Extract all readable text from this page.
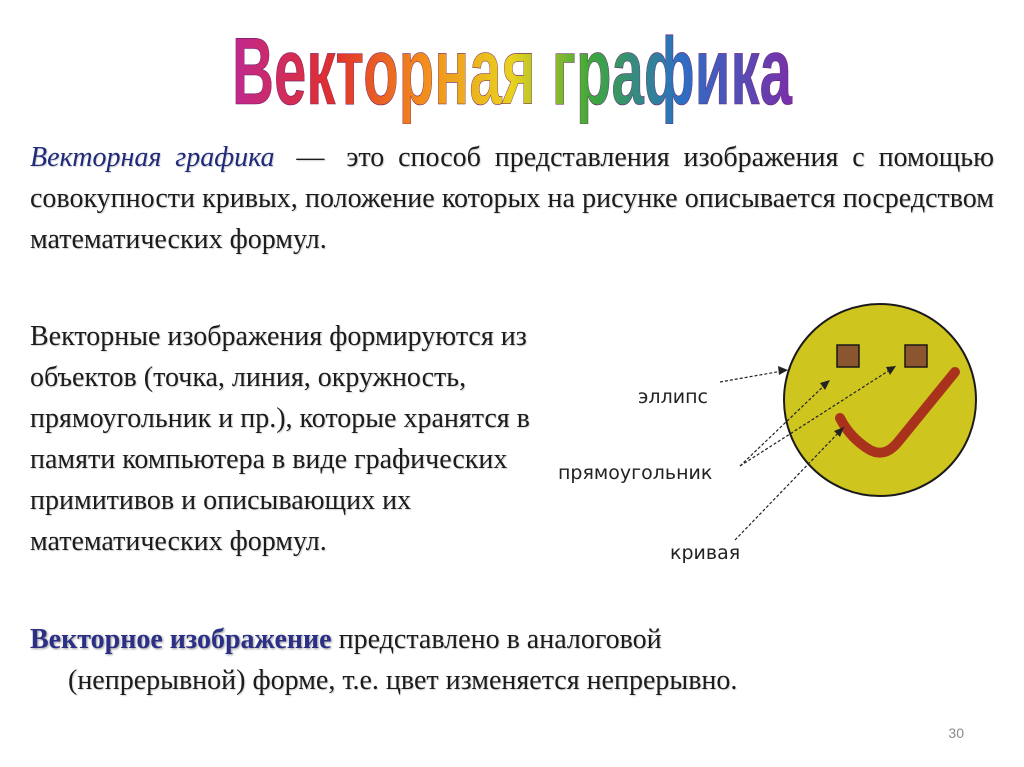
Векторная графика
Векторная графика — это способ представления изображения с помощью совокупности кривых, положение которых на рисунке описывается посредством математических формул.
Векторные изображения формируются из объектов (точка, линия, окружность, прямоугольник и пр.), которые хранятся в памяти компьютера в виде графических примитивов и описывающих их математических формул.
эллипс
прямоугольник
кривая
Векторное изображение представлено в аналоговой
(непрерывной) форме, т.е. цвет изменяется непрерывно.
30
